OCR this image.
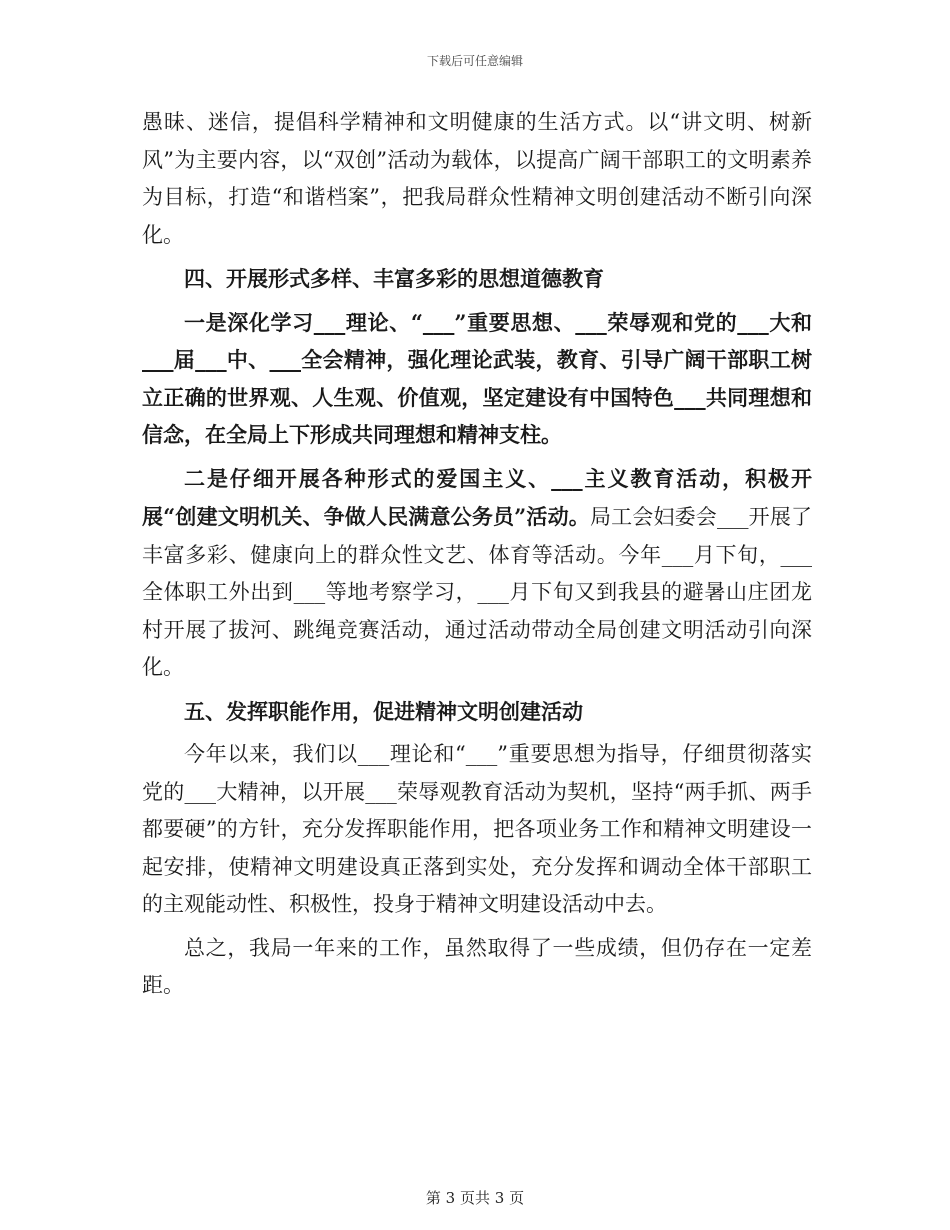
下载后可任意编辑

愚昧、迷信，提倡科学精神和文明健康的生活方式。以“讲文明、树新风”为主要内容，以“双创”活动为载体，以提高广阔干部职工的文明素养为目标，打造“和谐档案”，把我局群众性精神文明创建活动不断引向深化。

四、开展形式多样、丰富多彩的思想道德教育

一是深化学习___理论、“___”重要思想、___荣辱观和党的___大和___届___中、___全会精神，强化理论武装，教育、引导广阔干部职工树立正确的世界观、人生观、价值观，坚定建设有中国特色___共同理想和信念，在全局上下形成共同理想和精神支柱。

二是仔细开展各种形式的爱国主义、___主义教育活动，积极开展“创建文明机关、争做人民满意公务员”活动。局工会妇委会___开展了丰富多彩、健康向上的群众性文艺、体育等活动。今年___月下旬，___全体职工外出到___等地考察学习，___月下旬又到我县的避暑山庄团龙村开展了拔河、跳绳竞赛活动，通过活动带动全局创建文明活动引向深化。

五、发挥职能作用，促进精神文明创建活动

今年以来，我们以___理论和“___”重要思想为指导，仔细贯彻落实党的___大精神，以开展___荣辱观教育活动为契机，坚持“两手抓、两手都要硬”的方针，充分发挥职能作用，把各项业务工作和精神文明建设一起安排，使精神文明建设真正落到实处，充分发挥和调动全体干部职工的主观能动性、积极性，投身于精神文明建设活动中去。

总之，我局一年来的工作，虽然取得了一些成绩，但仍存在一定差距。

第 3 页共 3 页
